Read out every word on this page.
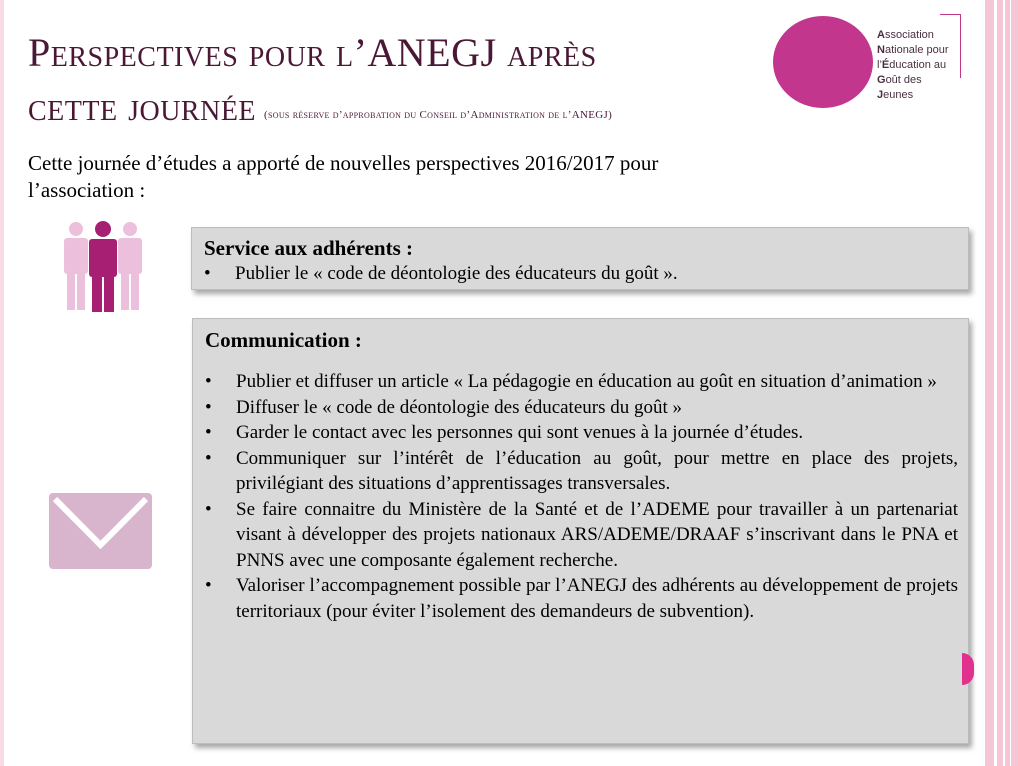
Perspectives pour l’ANEGJ après
cette journée (sous réserve d’approbation du Conseil d’Administration de l’ANEGJ)
Association
Nationale pour
l’Éducation au
Goût des
Jeunes
Cette journée d’études a apporté de nouvelles perspectives 2016/2017 pour
l’association :
Service aux adhérents :
• Publier le « code de déontologie des éducateurs du goût ».
Communication :
• Publier et diffuser un article « La pédagogie en éducation au goût en situation d’animation »
• Diffuser le « code de déontologie des éducateurs du goût »
• Garder le contact avec les personnes qui sont venues à la journée d’études.
• Communiquer sur l’intérêt de l’éducation au goût, pour mettre en place des projets, privilégiant des situations d’apprentissages transversales.
• Se faire connaitre du Ministère de la Santé et de l’ADEME pour travailler à un partenariat visant à développer des projets nationaux ARS/ADEME/DRAAF s’inscrivant dans le PNA et PNNS avec une composante également recherche.
• Valoriser l’accompagnement possible par l’ANEGJ des adhérents au développement de projets territoriaux (pour éviter l’isolement des demandeurs de subvention).
